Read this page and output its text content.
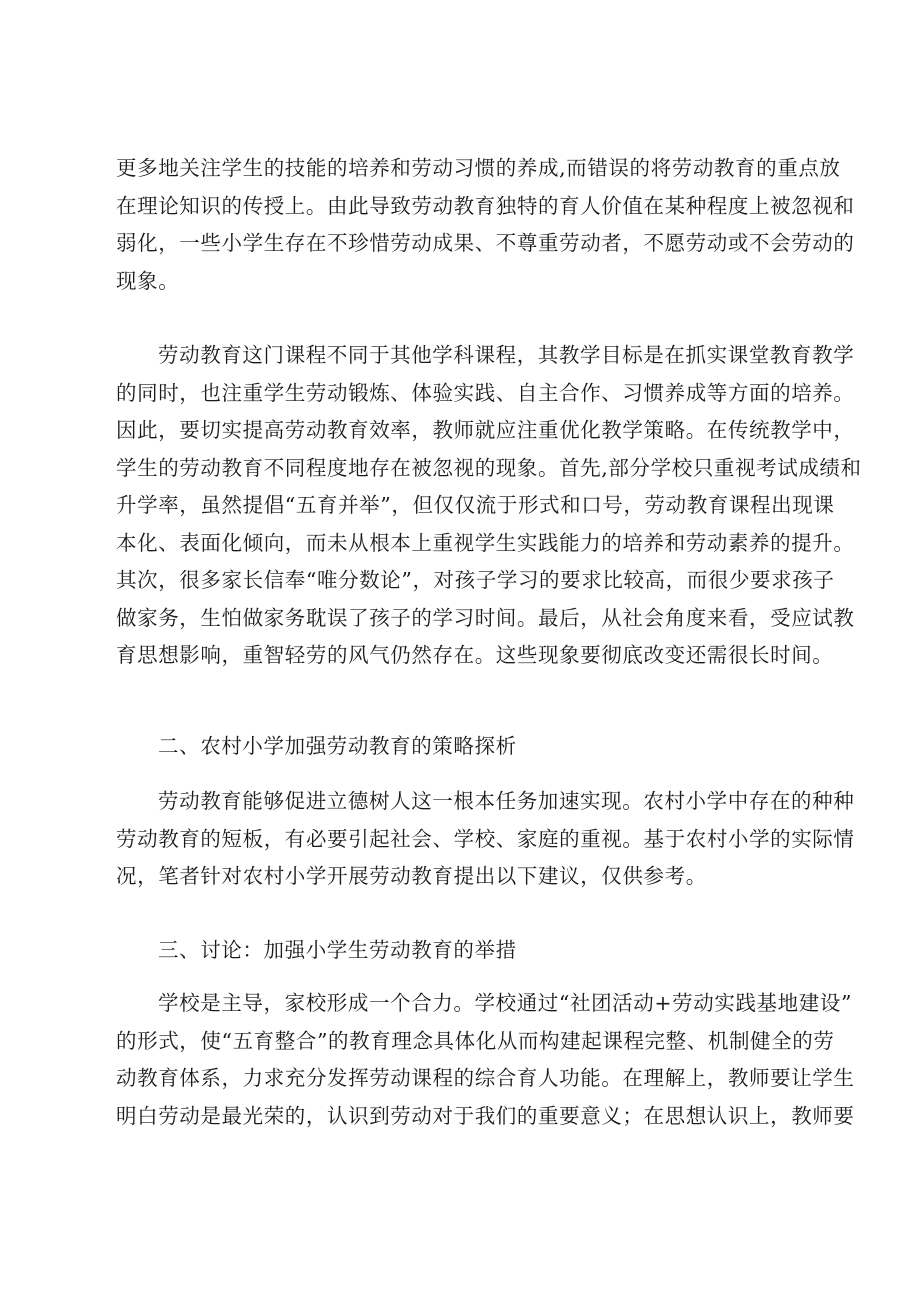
更多地关注学生的技能的培养和劳动习惯的养成,而错误的将劳动教育的重点放
在理论知识的传授上。由此导致劳动教育独特的育人价值在某种程度上被忽视和
弱化，一些小学生存在不珍惜劳动成果、不尊重劳动者，不愿劳动或不会劳动的
现象。
劳动教育这门课程不同于其他学科课程，其教学目标是在抓实课堂教育教学
的同时，也注重学生劳动锻炼、体验实践、自主合作、习惯养成等方面的培养。
因此，要切实提高劳动教育效率，教师就应注重优化教学策略。在传统教学中，
学生的劳动教育不同程度地存在被忽视的现象。首先,部分学校只重视考试成绩和
升学率，虽然提倡“五育并举”，但仅仅流于形式和口号，劳动教育课程出现课
本化、表面化倾向，而未从根本上重视学生实践能力的培养和劳动素养的提升。
其次，很多家长信奉“唯分数论”，对孩子学习的要求比较高，而很少要求孩子
做家务，生怕做家务耽误了孩子的学习时间。最后，从社会角度来看，受应试教
育思想影响，重智轻劳的风气仍然存在。这些现象要彻底改变还需很长时间。
二、农村小学加强劳动教育的策略探析
劳动教育能够促进立德树人这一根本任务加速实现。农村小学中存在的种种
劳动教育的短板，有必要引起社会、学校、家庭的重视。基于农村小学的实际情
况，笔者针对农村小学开展劳动教育提出以下建议，仅供参考。
三、讨论：加强小学生劳动教育的举措
学校是主导，家校形成一个合力。学校通过“社团活动+劳动实践基地建设”
的形式，使“五育整合”的教育理念具体化从而构建起课程完整、机制健全的劳
动教育体系，力求充分发挥劳动课程的综合育人功能。在理解上，教师要让学生
明白劳动是最光荣的，认识到劳动对于我们的重要意义；在思想认识上，教师要
